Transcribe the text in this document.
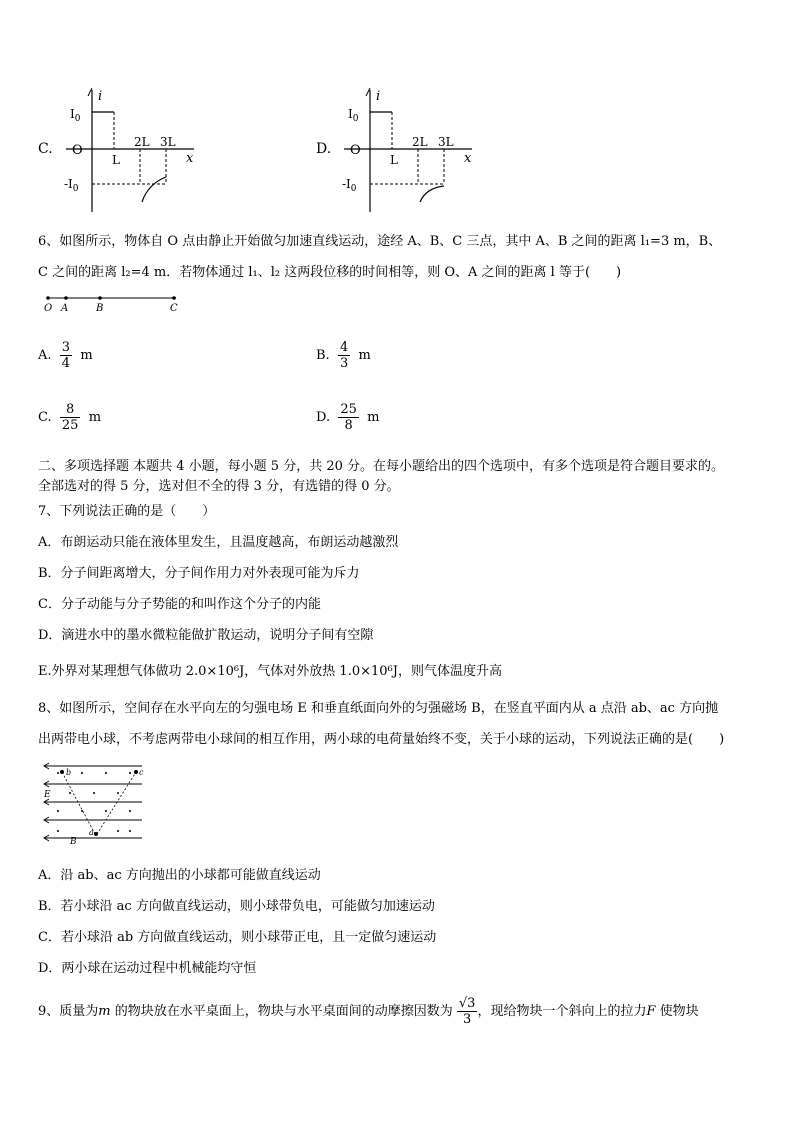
C.
i
x
O
$I_0$
$-I_0$
L
2L 3L	D.
i
x
O
$I_0$
$-I_0$
L
2L 3L
6、如图所示，物体自 O 点由静止开始做匀加速直线运动，途经 A、B、C 三点，其中 A、B 之间的距离 l₁=3 m，B、
C 之间的距离 l₂=4 m．若物体通过 l₁、l₂ 这两段位移的时间相等，则 O、A 之间的距离 l 等于(　　)
O A	B	C
A. $\frac{3}{4}$ m	B. $\frac{4}{3}$ m
C. $\frac{8}{25}$ m	D. $\frac{25}{8}$ m
二、多项选择题 本题共 4 小题，每小题 5 分，共 20 分。在每小题给出的四个选项中，有多个选项是符合题目要求的。
全部选对的得 5 分，选对但不全的得 3 分，有选错的得 0 分。
7、下列说法正确的是（　　）
A．布朗运动只能在液体里发生，且温度越高，布朗运动越激烈
B．分子间距离增大，分子间作用力对外表现可能为斥力
C．分子动能与分子势能的和叫作这个分子的内能
D．滴进水中的墨水微粒能做扩散运动，说明分子间有空隙
E.外界对某理想气体做功 2.0×10⁶J，气体对外放热 1.0×10⁶J，则气体温度升高
8、如图所示，空间存在水平向左的匀强电场 E 和垂直纸面向外的匀强磁场 B，在竖直平面内从 a 点沿 ab、ac 方向抛
出两带电小球，不考虑两带电小球间的相互作用，两小球的电荷量始终不变，关于小球的运动，下列说法正确的是(　　)
b	c
a
E
B
A．沿 ab、ac 方向抛出的小球都可能做直线运动
B．若小球沿 ac 方向做直线运动，则小球带负电，可能做匀加速运动
C．若小球沿 ab 方向做直线运动，则小球带正电，且一定做匀速运动
D．两小球在运动过程中机械能均守恒
9、质量为m 的物块放在水平桌面上，物块与水平桌面间的动摩擦因数为 $\frac{√3}{3}$ ，现给物块一个斜向上的拉力F 使物块
